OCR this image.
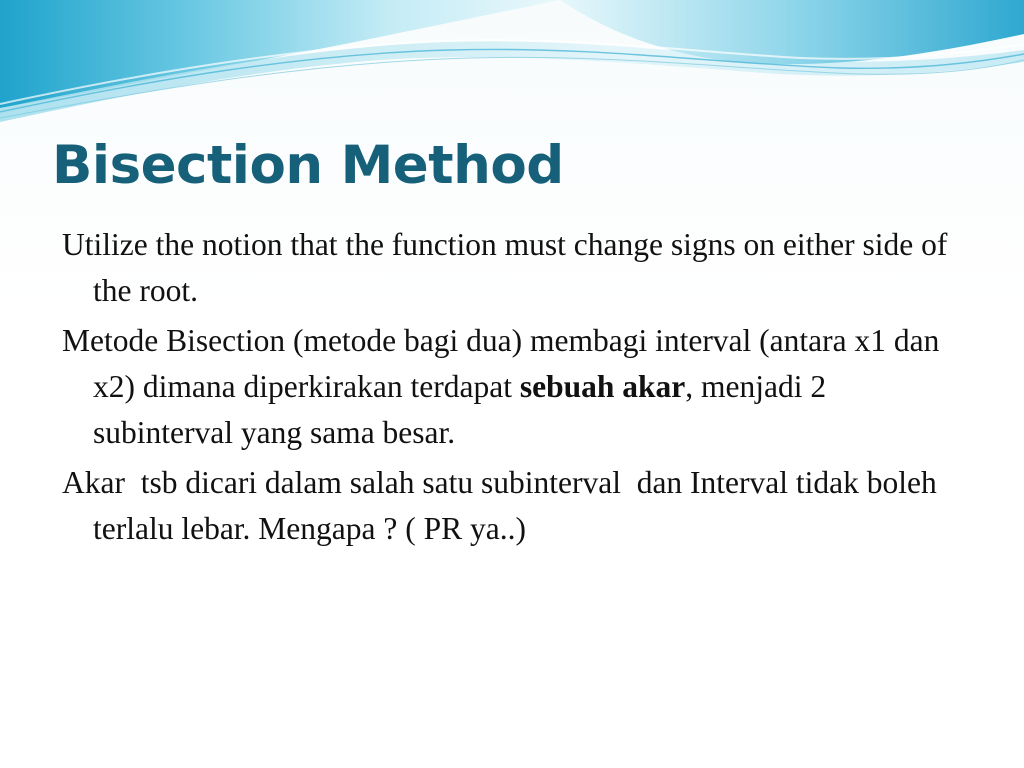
Bisection Method

Utilize the notion that the function must change signs on either side of the root.

Metode Bisection (metode bagi dua) membagi interval (antara x1 dan x2) dimana diperkirakan terdapat sebuah akar, menjadi 2 subinterval yang sama besar.

Akar  tsb dicari dalam salah satu subinterval  dan Interval tidak boleh terlalu lebar. Mengapa ? ( PR ya..)
